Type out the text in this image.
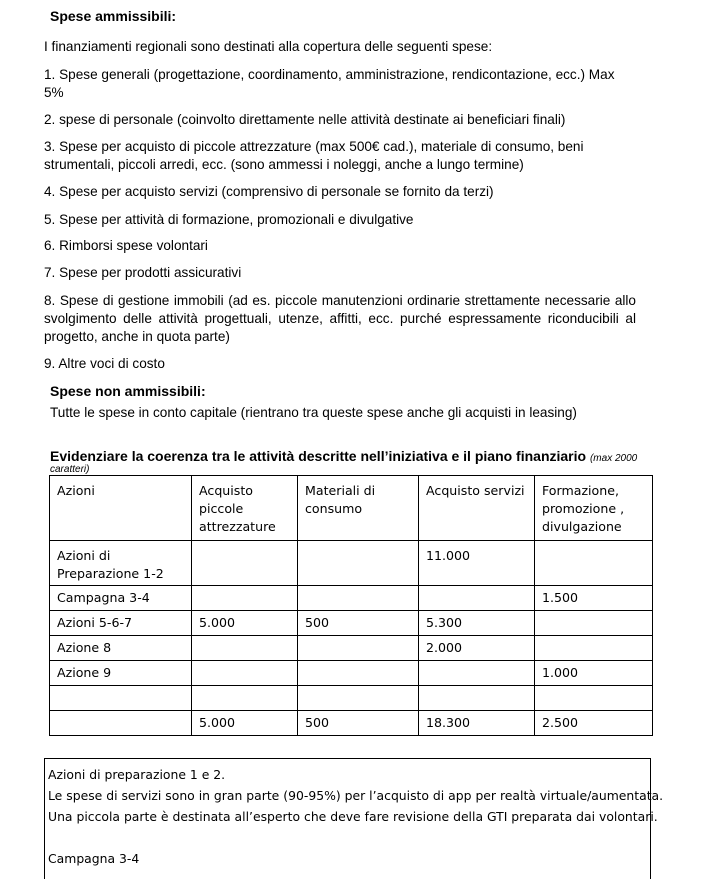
Spese ammissibili:
I finanziamenti regionali sono destinati alla copertura delle seguenti spese:
1. Spese generali (progettazione, coordinamento, amministrazione, rendicontazione, ecc.) Max 5%
2. spese di personale (coinvolto direttamente nelle attività destinate ai beneficiari finali)
3. Spese per acquisto di piccole attrezzature (max 500€ cad.), materiale di consumo, beni strumentali, piccoli arredi, ecc. (sono ammessi i noleggi, anche a lungo termine)
4. Spese per acquisto servizi (comprensivo di personale se fornito da terzi)
5. Spese per attività di formazione, promozionali e divulgative
6. Rimborsi spese volontari
7. Spese per prodotti assicurativi
8. Spese di gestione immobili (ad es. piccole manutenzioni ordinarie strettamente necessarie allo svolgimento delle attività progettuali, utenze, affitti, ecc. purché espressamente riconducibili al progetto, anche in quota parte)
9. Altre voci di costo
Spese non ammissibili:
Tutte le spese in conto capitale (rientrano tra queste spese anche gli acquisti in leasing)
Evidenziare la coerenza tra le attività descritte nell’iniziativa e il piano finanziario (max 2000
caratteri)
Azioni	Acquisto piccole attrezzature	Materiali di consumo	Acquisto servizi	Formazione, promozione , divulgazione
Azioni di Preparazione 1-2			11.000	
Campagna 3-4				1.500
Azioni 5-6-7	5.000	500	5.300	
Azione 8			2.000	
Azione 9				1.000

	5.000	500	18.300	2.500
Azioni di preparazione 1 e 2.
Le spese di servizi sono in gran parte (90-95%) per l’acquisto di app per realtà virtuale/aumentata.
Una piccola parte è destinata all’esperto che deve fare revisione della GTI preparata dai volontari.
Campagna 3-4
